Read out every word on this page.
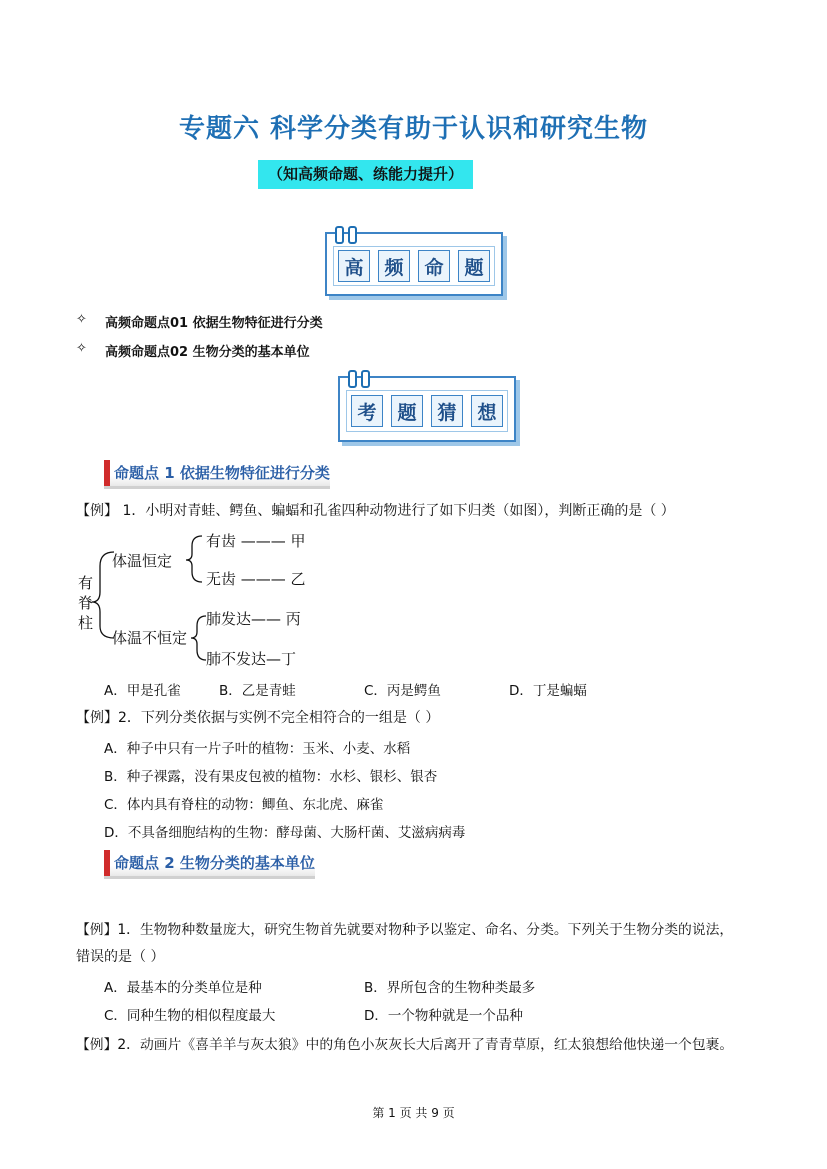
专题六 科学分类有助于认识和研究生物
（知高频命题、练能力提升）
高	频	命	题
✧ 高频命题点01 依据生物特征进行分类
✧ 高频命题点02 生物分类的基本单位
考	题	猜	想
命题点 1 依据生物特征进行分类
【例】 1．小明对青蛙、鳄鱼、蝙蝠和孔雀四种动物进行了如下归类（如图），判断正确的是（ ）
有
脊
柱
体温恒定
体温不恒定
有齿 ——— 甲
无齿 ——— 乙
肺发达—— 丙
肺不发达—丁
A．甲是孔雀	B．乙是青蛙	C．丙是鳄鱼	D．丁是蝙蝠
【例】2．下列分类依据与实例不完全相符合的一组是（ ）
A．种子中只有一片子叶的植物：玉米、小麦、水稻
B．种子裸露，没有果皮包被的植物：水杉、银杉、银杏
C．体内具有脊柱的动物：鲫鱼、东北虎、麻雀
D．不具备细胞结构的生物：酵母菌、大肠杆菌、艾滋病病毒
命题点 2 生物分类的基本单位
【例】1．生物物种数量庞大，研究生物首先就要对物种予以鉴定、命名、分类。下列关于生物分类的说法，
错误的是（ ）
A．最基本的分类单位是种	B．界所包含的生物种类最多
C．同种生物的相似程度最大	D．一个物种就是一个品种
【例】2．动画片《喜羊羊与灰太狼》中的角色小灰灰长大后离开了青青草原，红太狼想给他快递一个包裹。
第 1 页 共 9 页
